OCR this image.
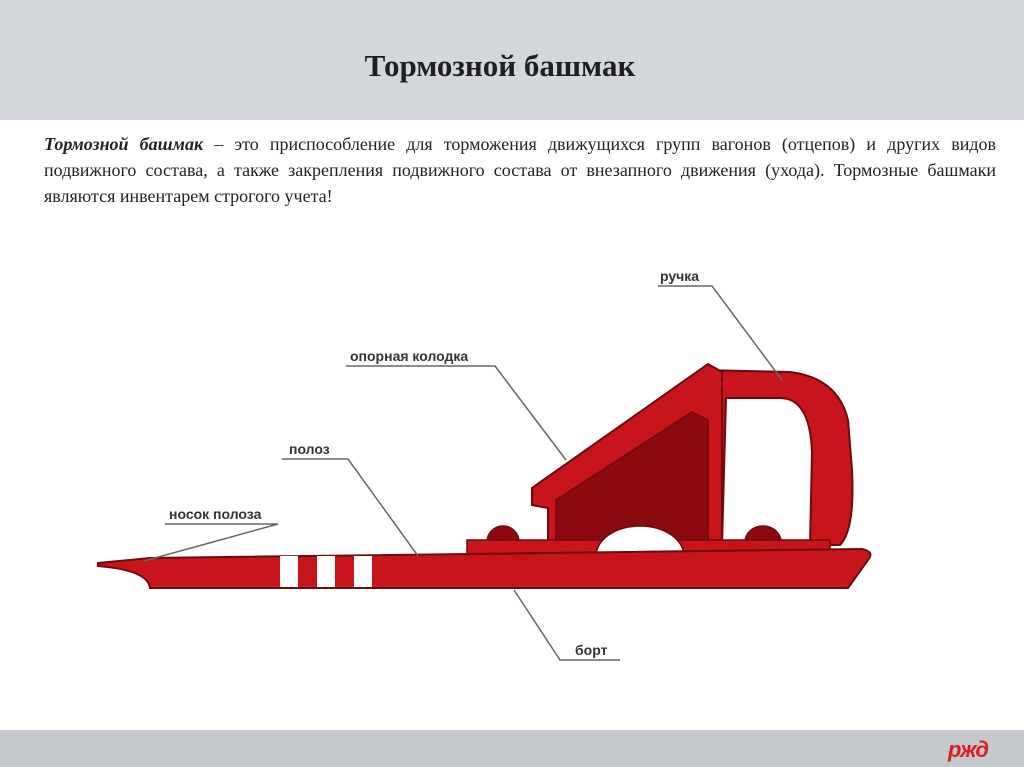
Тормозной башмак
Тормозной башмак – это приспособление для торможения движущихся групп вагонов (отцепов) и других видов подвижного состава, а также закрепления подвижного состава от внезапного движения (ухода). Тормозные башмаки являются инвентарем строгого учета!
ручка
опорная колодка
полоз
носок полоза
борт
ржд
